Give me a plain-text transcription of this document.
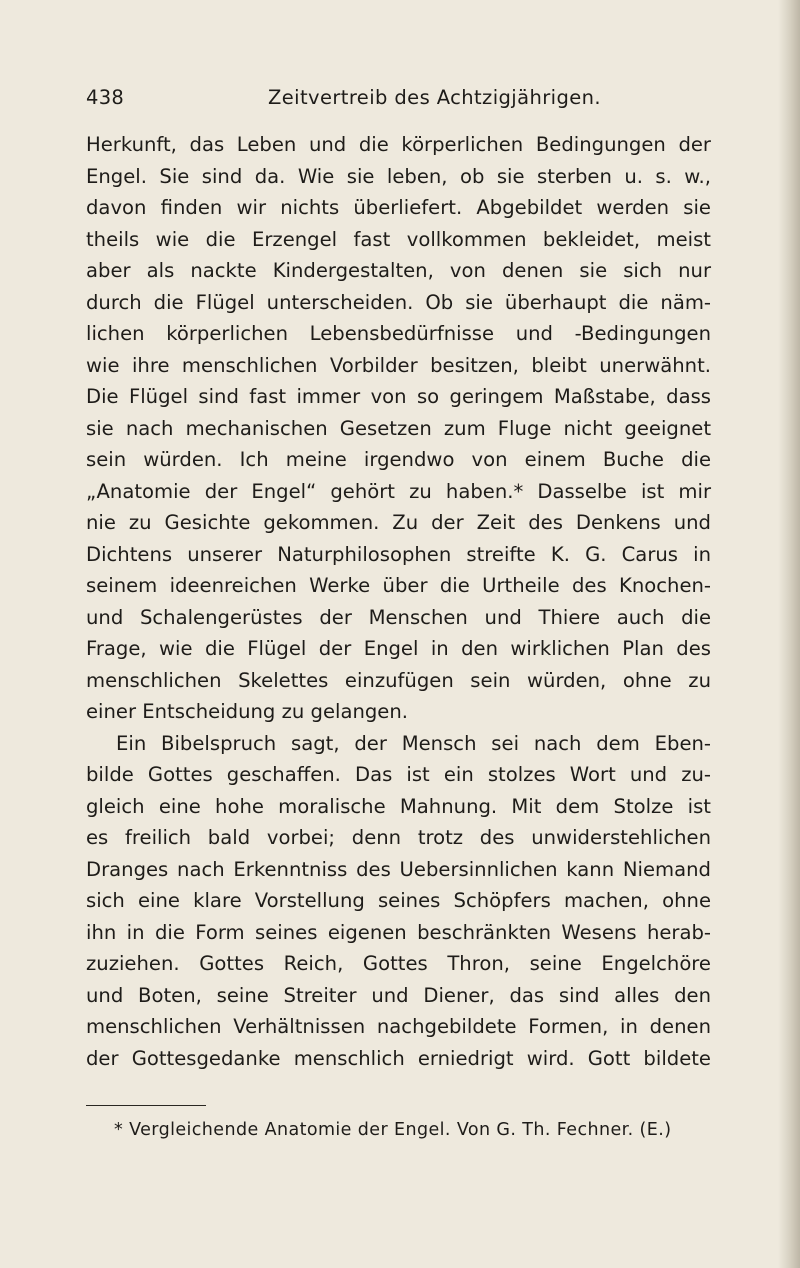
438	Zeitvertreib des Achtzigjährigen.
Herkunft, das Leben und die körperlichen Bedingungen der
Engel. Sie sind da. Wie sie leben, ob sie sterben u. s. w.,
davon finden wir nichts überliefert. Abgebildet werden sie
theils wie die Erzengel fast vollkommen bekleidet, meist
aber als nackte Kindergestalten, von denen sie sich nur
durch die Flügel unterscheiden. Ob sie überhaupt die näm-
lichen körperlichen Lebensbedürfnisse und -Bedingungen
wie ihre menschlichen Vorbilder besitzen, bleibt unerwähnt.
Die Flügel sind fast immer von so geringem Maßstabe, dass
sie nach mechanischen Gesetzen zum Fluge nicht geeignet
sein würden. Ich meine irgendwo von einem Buche die
„Anatomie der Engel“ gehört zu haben.* Dasselbe ist mir
nie zu Gesichte gekommen. Zu der Zeit des Denkens und
Dichtens unserer Naturphilosophen streifte K. G. Carus in
seinem ideenreichen Werke über die Urtheile des Knochen-
und Schalengerüstes der Menschen und Thiere auch die
Frage, wie die Flügel der Engel in den wirklichen Plan des
menschlichen Skelettes einzufügen sein würden, ohne zu
einer Entscheidung zu gelangen.
Ein Bibelspruch sagt, der Mensch sei nach dem Eben-
bilde Gottes geschaffen. Das ist ein stolzes Wort und zu-
gleich eine hohe moralische Mahnung. Mit dem Stolze ist
es freilich bald vorbei; denn trotz des unwiderstehlichen
Dranges nach Erkenntniss des Uebersinnlichen kann Niemand
sich eine klare Vorstellung seines Schöpfers machen, ohne
ihn in die Form seines eigenen beschränkten Wesens herab-
zuziehen. Gottes Reich, Gottes Thron, seine Engelchöre
und Boten, seine Streiter und Diener, das sind alles den
menschlichen Verhältnissen nachgebildete Formen, in denen
der Gottesgedanke menschlich erniedrigt wird. Gott bildete
* Vergleichende Anatomie der Engel. Von G. Th. Fechner. (E.)
